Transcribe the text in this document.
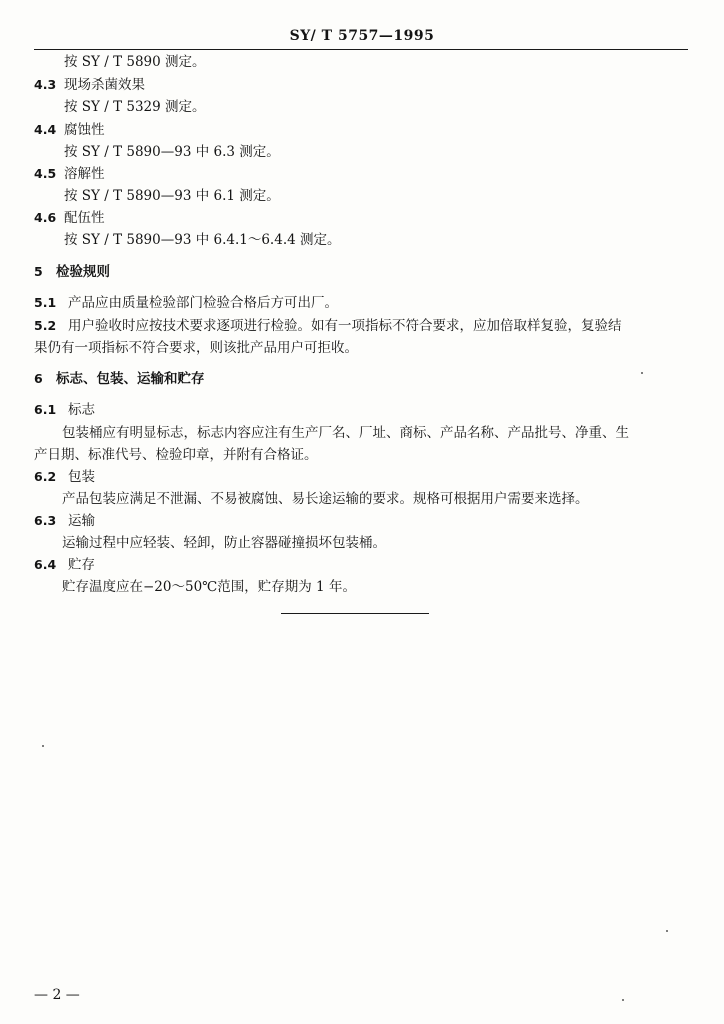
SY/ T 5757—1995
按 SY / T 5890 测定。
4.3 现场杀菌效果
按 SY / T 5329 测定。
4.4 腐蚀性
按 SY / T 5890—93 中 6.3 测定。
4.5 溶解性
按 SY / T 5890—93 中 6.1 测定。
4.6 配伍性
按 SY / T 5890—93 中 6.4.1～6.4.4 测定。
5 检验规则
5.1 产品应由质量检验部门检验合格后方可出厂。
5.2 用户验收时应按技术要求逐项进行检验。如有一项指标不符合要求，应加倍取样复验，复验结
果仍有一项指标不符合要求，则该批产品用户可拒收。
6 标志、包装、运输和贮存
6.1 标志
包装桶应有明显标志，标志内容应注有生产厂名、厂址、商标、产品名称、产品批号、净重、生
产日期、标准代号、检验印章，并附有合格证。
6.2 包装
产品包装应满足不泄漏、不易被腐蚀、易长途运输的要求。规格可根据用户需要来选择。
6.3 运输
运输过程中应轻装、轻卸，防止容器碰撞损坏包装桶。
6.4 贮存
贮存温度应在−20～50℃范围，贮存期为 1 年。
— 2 —
